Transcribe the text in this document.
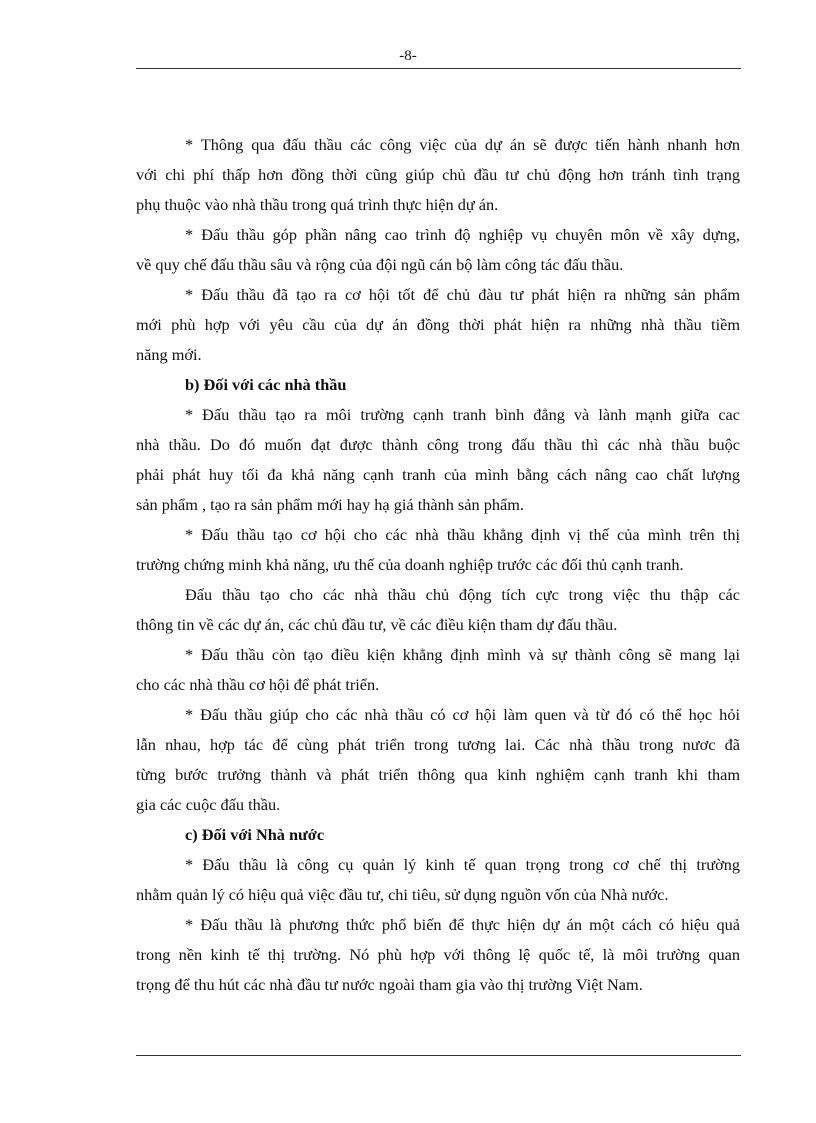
-8-
* Thông qua đấu thầu các công việc của dự án sẽ được tiến hành nhanh hơn
với chi phí thấp hơn đồng thời cũng giúp chủ đầu tư chủ động hơn tránh tình trạng
phụ thuộc vào nhà thầu trong quá trình thực hiện dự án.
* Đấu thầu góp phần nâng cao trình độ nghiệp vụ chuyên môn về xây dựng,
về quy chế đấu thầu sâu và rộng của đội ngũ cán bộ làm công tác đấu thầu.
* Đấu thầu đã tạo ra cơ hội tốt để chủ đàu tư phát hiện ra những sản phẩm
mới phù hợp với yêu cầu của dự án đồng thời phát hiện ra những nhà thầu tiềm
năng mới.
b) Đối với các nhà thầu
* Đấu thầu tạo ra môi trường cạnh tranh bình đẳng và lành mạnh giữa cac
nhà thầu. Do đó muốn đạt được thành công trong đấu thầu thì các nhà thầu buộc
phải phát huy tối đa khả năng cạnh tranh của mình bằng cách nâng cao chất lượng
sản phẩm , tạo ra sản phẩm mới hay hạ giá thành sản phẩm.
* Đấu thầu tạo cơ hội cho các nhà thầu khẳng định vị thế của mình trên thị
trường chứng minh khả năng, ưu thế của doanh nghiệp trước các đối thủ cạnh tranh.
Đấu thầu tạo cho các nhà thầu chủ động tích cực trong việc thu thập các
thông tin về các dự án, các chủ đầu tư, về các điều kiện tham dự đấu thầu.
* Đấu thầu còn tạo điều kiện khẳng định mình và sự thành công sẽ mang lại
cho các nhà thầu cơ hội để phát triển.
* Đấu thầu giúp cho các nhà thầu có cơ hội làm quen và từ đó có thể học hỏi
lẫn nhau, hợp tác để cùng phát triển trong tương lai. Các nhà thầu trong nươc đã
từng bước trưởng thành và phát triển thông qua kinh nghiệm cạnh tranh khi tham
gia các cuộc đấu thầu.
c) Đối với Nhà nước
* Đấu thầu là công cụ quản lý kinh tế quan trọng trong cơ chế thị trường
nhằm quản lý có hiệu quả việc đầu tư, chi tiêu, sử dụng nguồn vốn của Nhà nước.
* Đấu thầu là phương thức phổ biến để thực hiện dự án một cách có hiệu quả
trong nền kinh tế thị trường. Nó phù hợp với thông lệ quốc tế, là môi trường quan
trọng để thu hút các nhà đầu tư nước ngoài tham gia vào thị trường Việt Nam.
